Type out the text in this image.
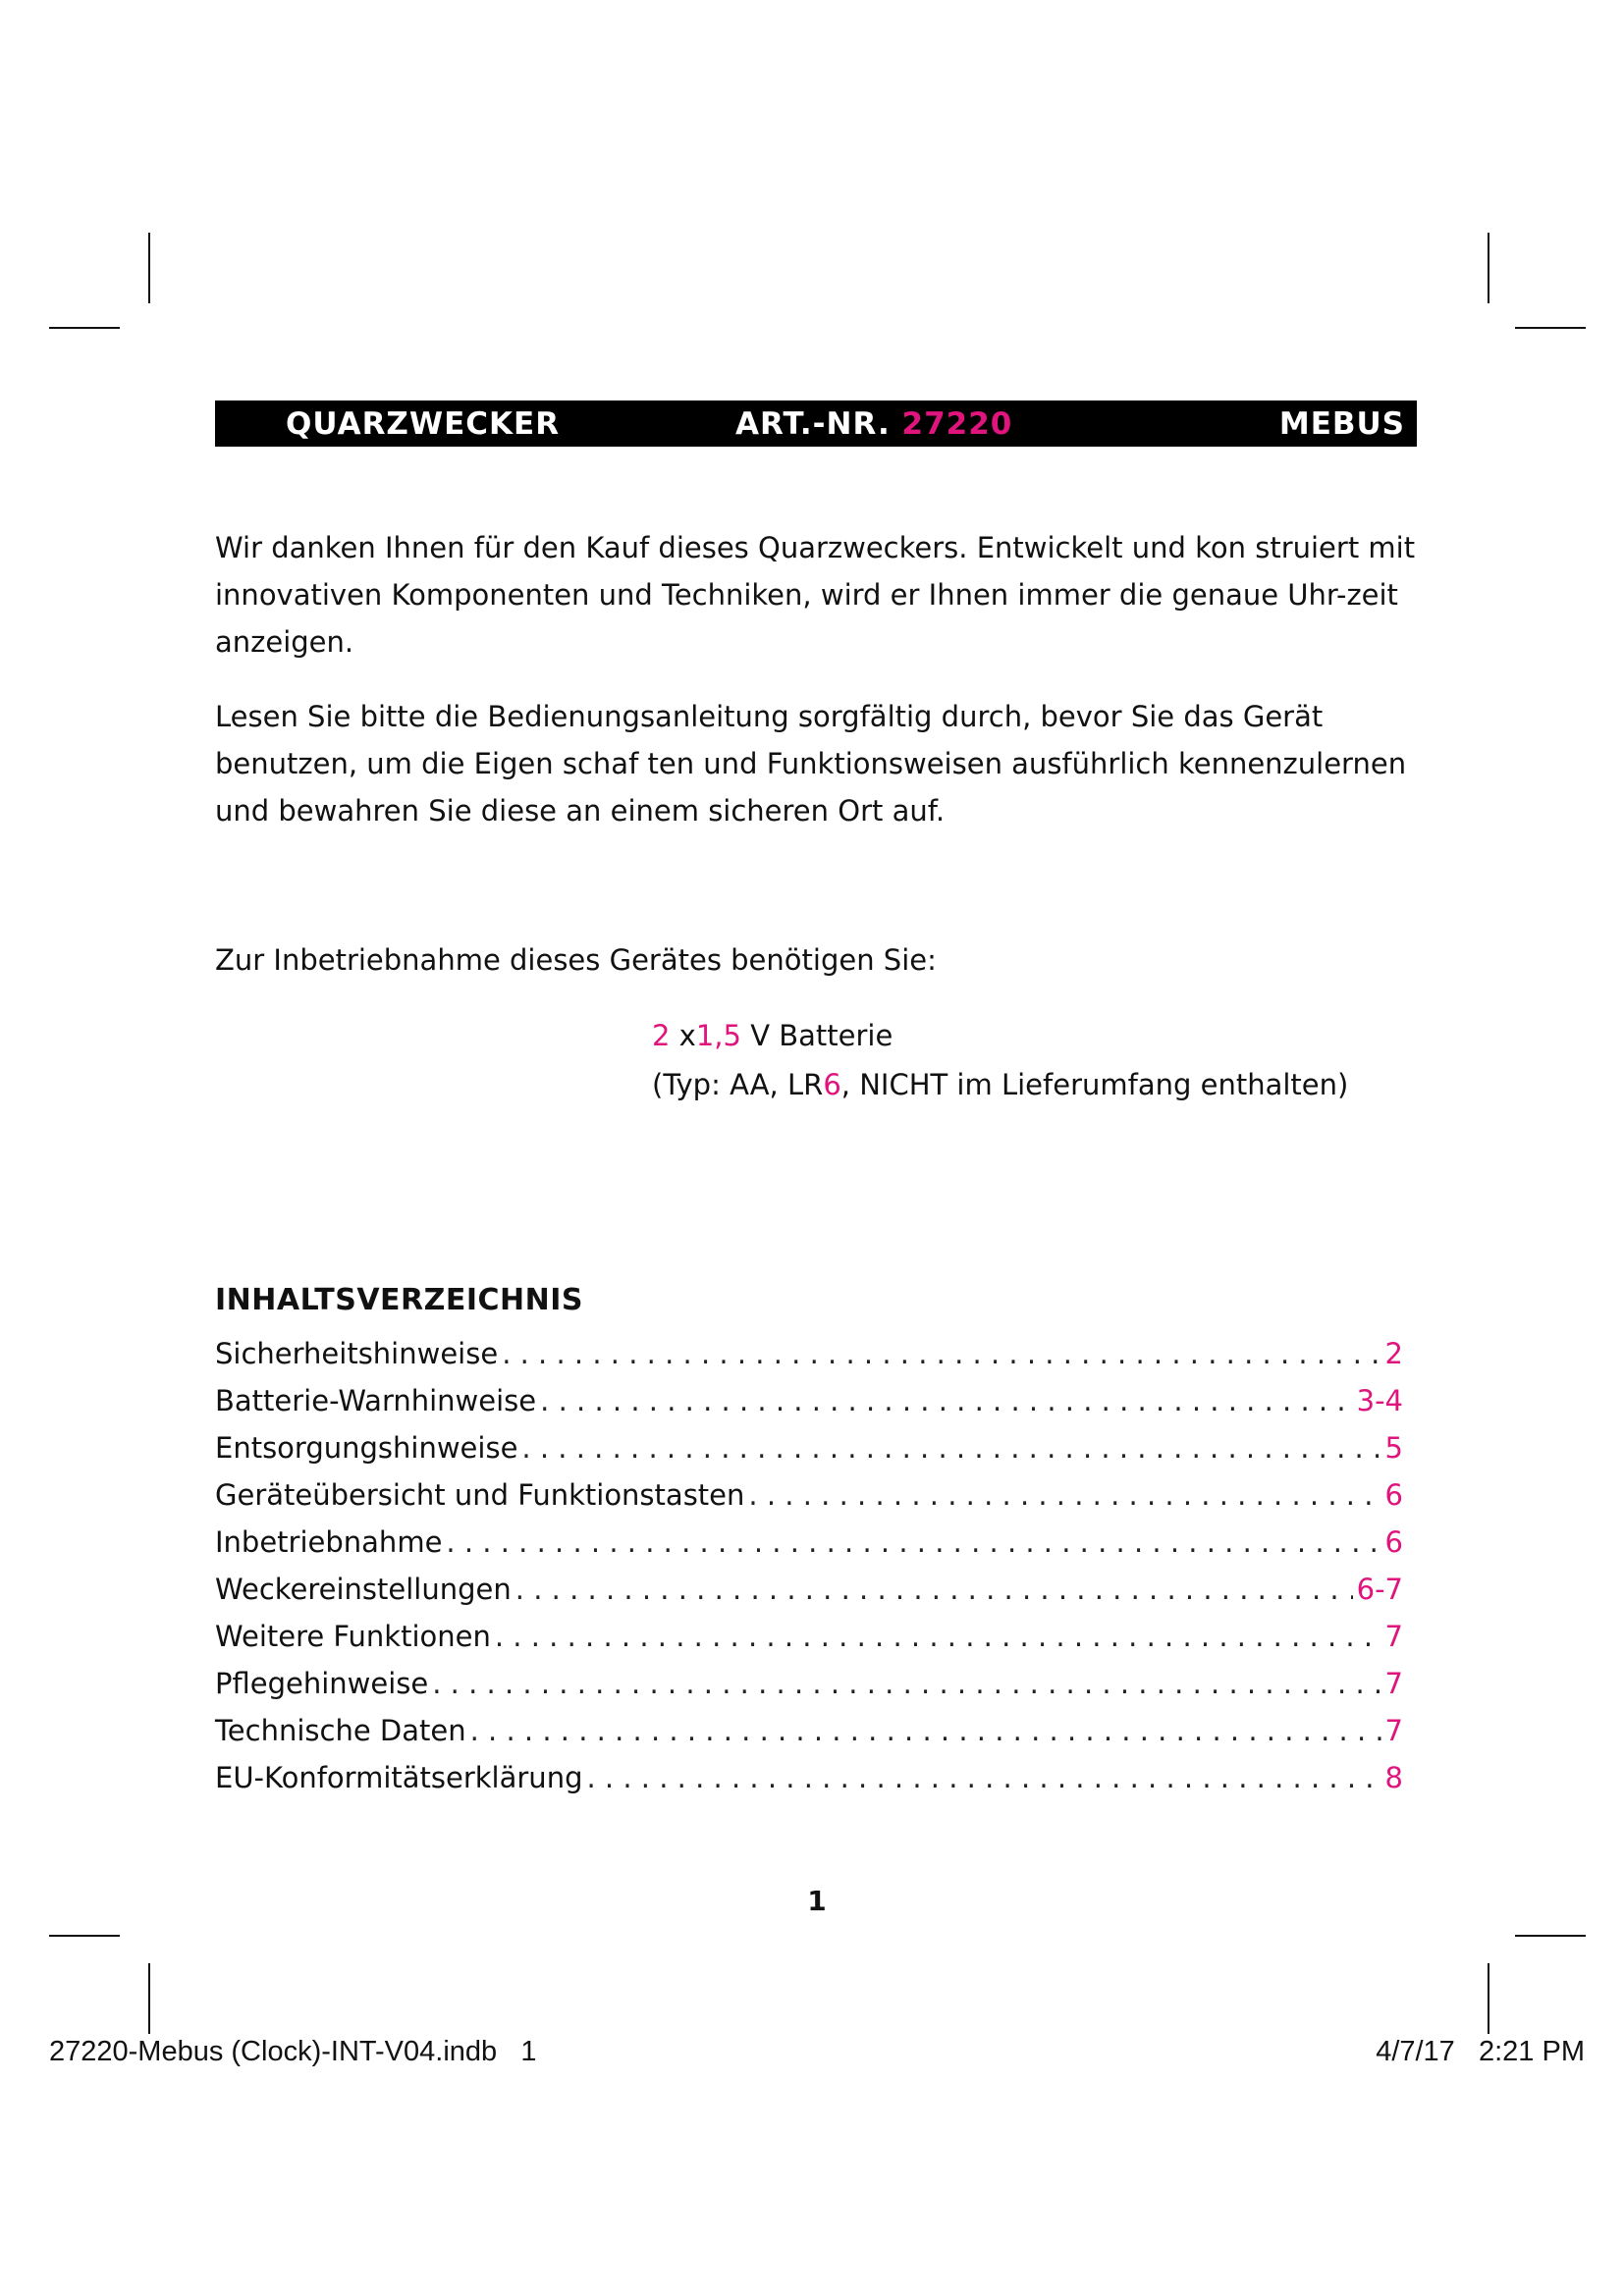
QUARZWECKER	ART.-NR. 27220	MEBUS

Wir danken Ihnen für den Kauf dieses Quarzweckers. Entwickelt und kon struiert mit innovativen Komponenten und Techniken, wird er Ihnen immer die genaue Uhr-zeit anzeigen.

Lesen Sie bitte die Bedienungsanleitung sorgfältig durch, bevor Sie das Gerät benutzen, um die Eigen schaf ten und Funktionsweisen ausführlich kennenzulernen und bewahren Sie diese an einem sicheren Ort auf.

Zur Inbetriebnahme dieses Gerätes benötigen Sie:

2 x1,5 V Batterie
(Typ: AA, LR6, NICHT im Lieferumfang enthalten)
INHALTSVERZEICHNIS
Sicherheitshinweise . . .	2
Batterie-Warnhinweise . . .	3-4
Entsorgungshinweise . . .	5
Geräteübersicht und Funktionstasten . . .	6
Inbetriebnahme . . .	6
Weckereinstellungen . . .	6-7
Weitere Funktionen . . .	7
Pflegehinweise . . .	7
Technische Daten . . .	7
EU-Konformitätserklärung . . .	8
1
27220-Mebus (Clock)-INT-V04.indb   1	4/7/17   2:21 PM
